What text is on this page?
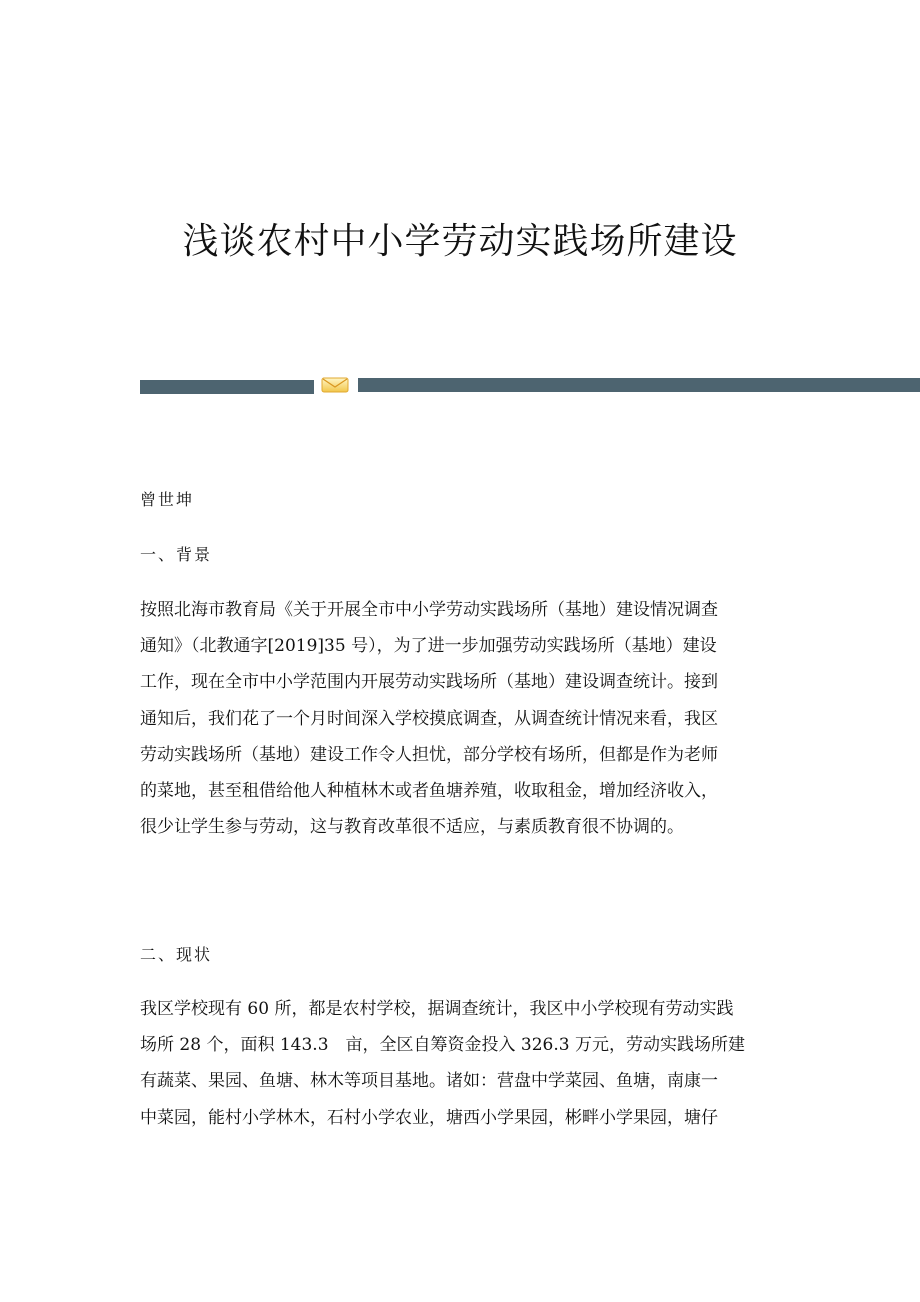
浅谈农村中小学劳动实践场所建设

曾世坤

一、背景
按照北海市教育局《关于开展全市中小学劳动实践场所（基地）建设情况调查
通知》（北教通字[2019]35 号），为了进一步加强劳动实践场所（基地）建设
工作，现在全市中小学范围内开展劳动实践场所（基地）建设调查统计。接到
通知后，我们花了一个月时间深入学校摸底调查，从调查统计情况来看，我区
劳动实践场所（基地）建设工作令人担忧，部分学校有场所，但都是作为老师
的菜地，甚至租借给他人种植林木或者鱼塘养殖，收取租金，增加经济收入，
很少让学生参与劳动，这与教育改革很不适应，与素质教育很不协调的。
二、现状
我区学校现有 60 所，都是农村学校，据调查统计，我区中小学校现有劳动实践
场所 28 个，面积 143.3　亩，全区自筹资金投入 326.3 万元，劳动实践场所建
有蔬菜、果园、鱼塘、林木等项目基地。诸如：营盘中学菜园、鱼塘，南康一
中菜园，能村小学林木，石村小学农业，塘西小学果园，彬畔小学果园，塘仔
